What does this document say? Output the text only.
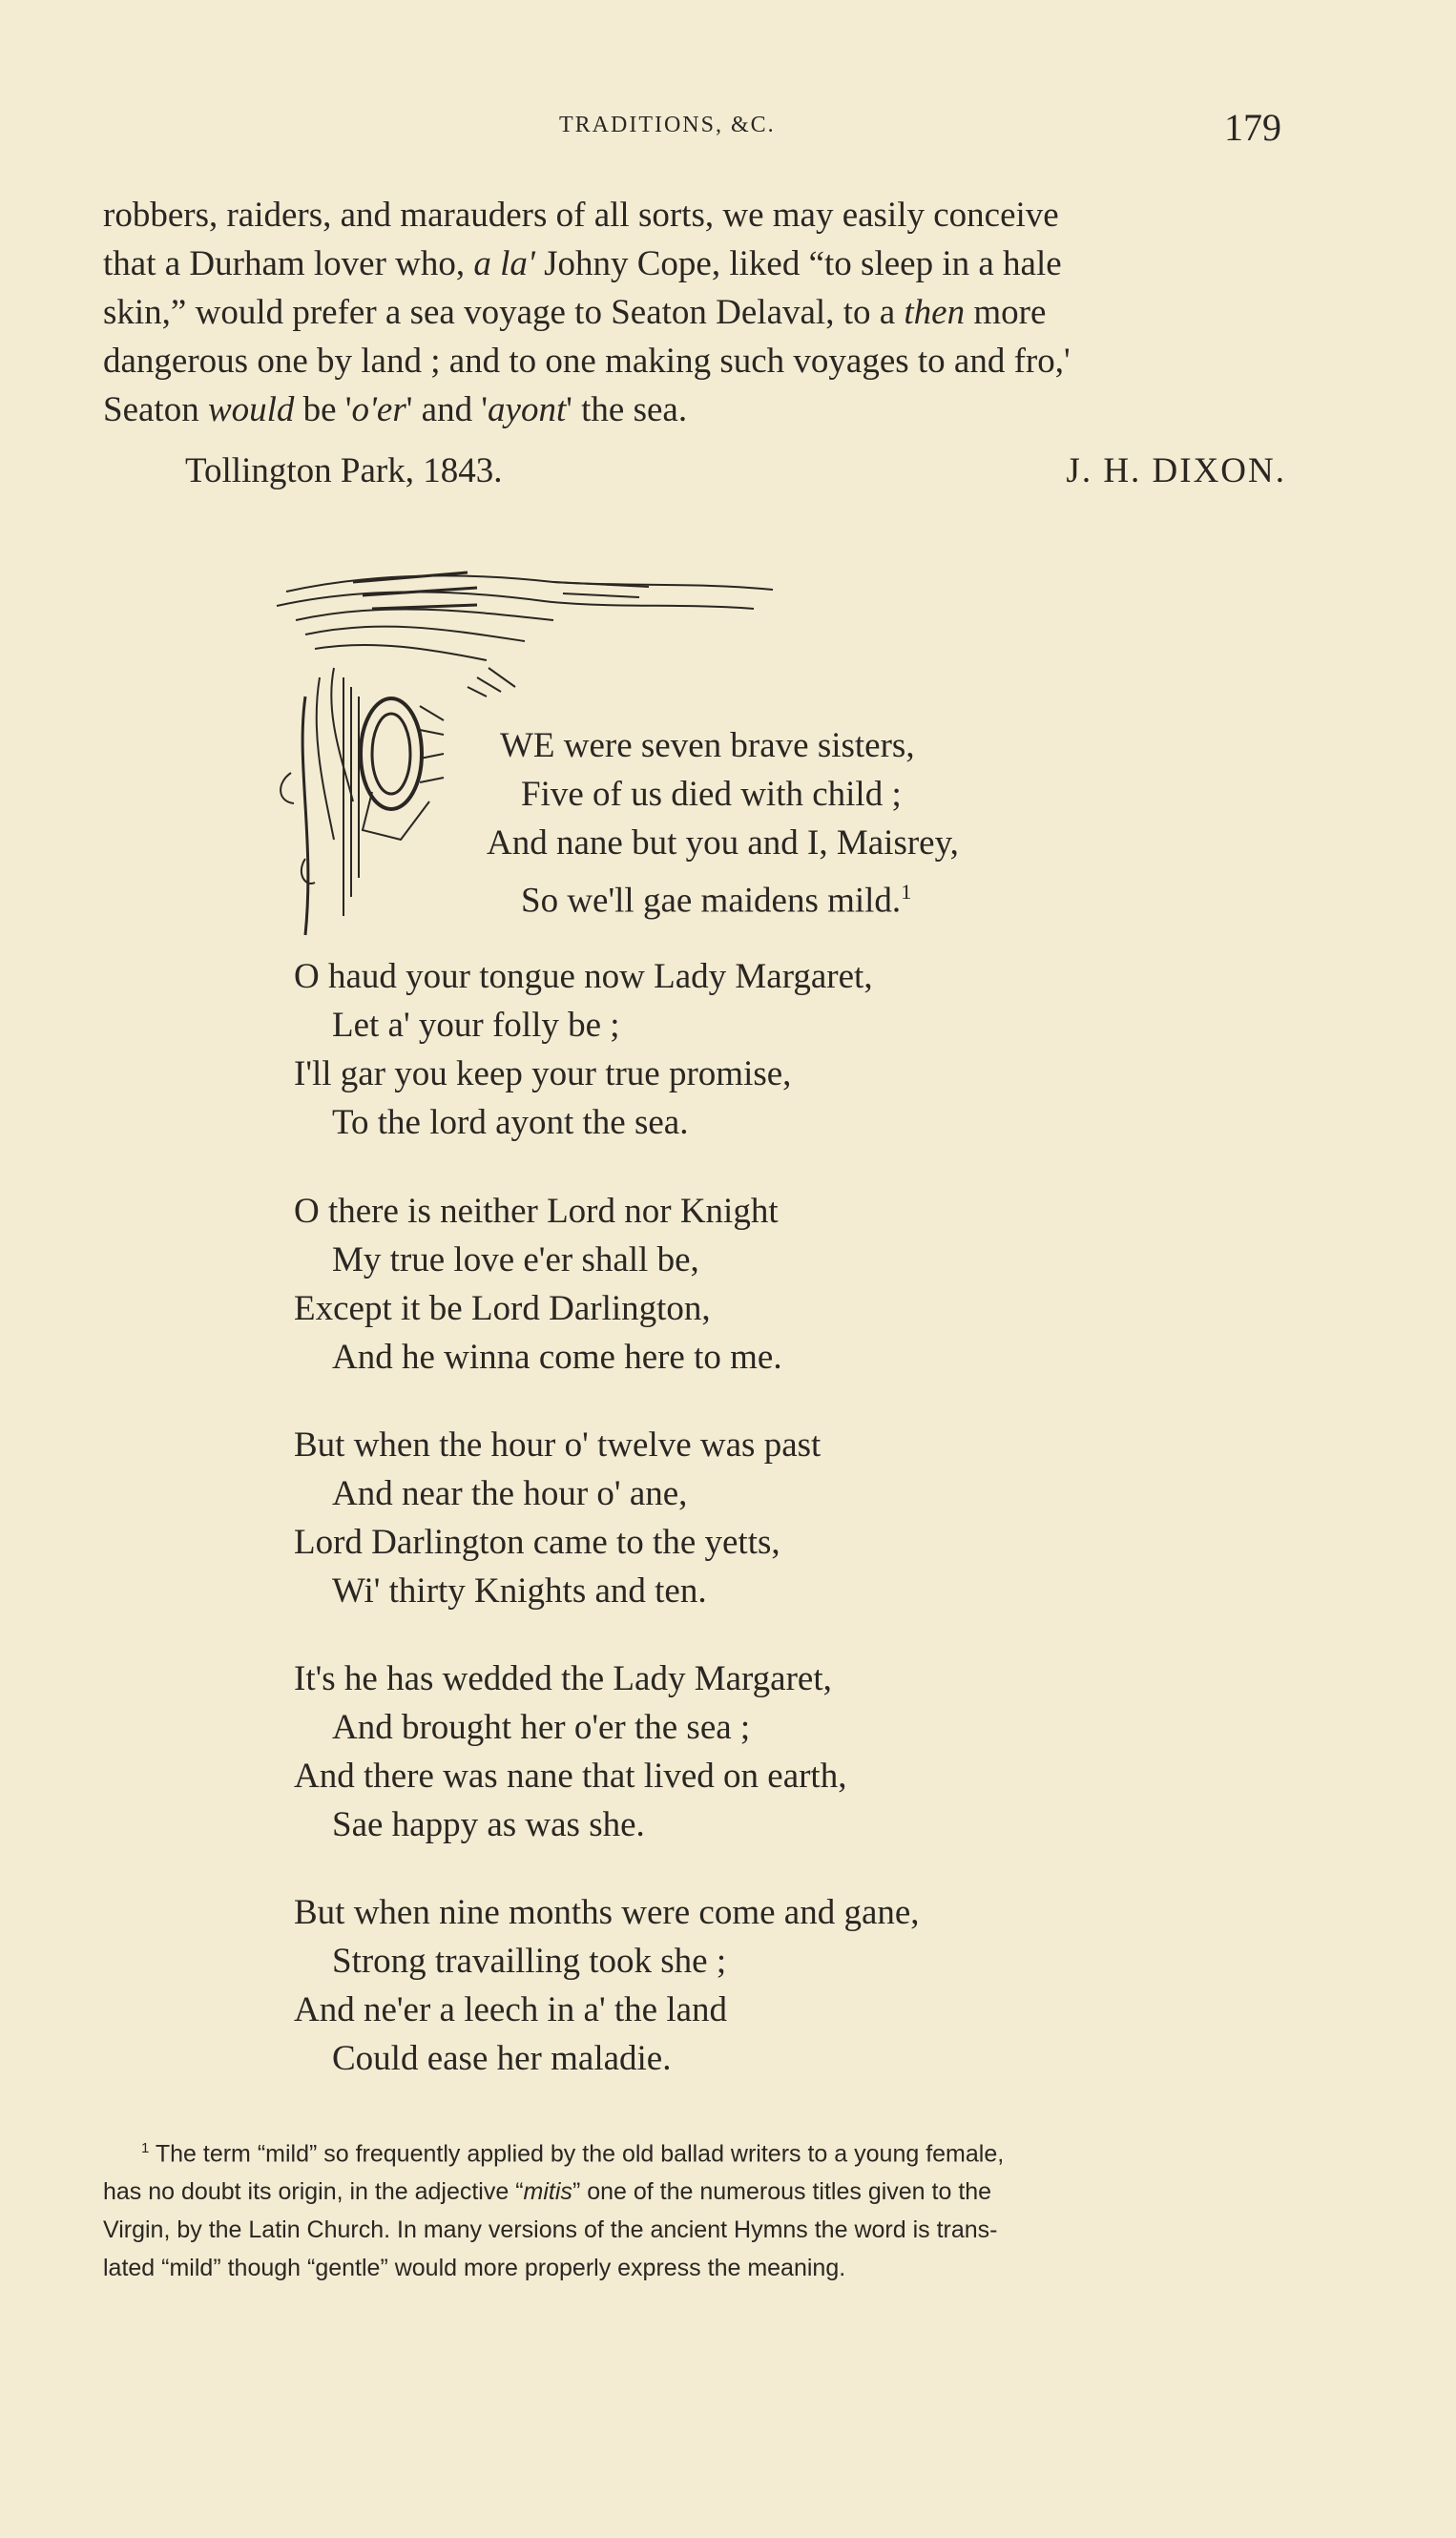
TRADITIONS, &C.	179
robbers, raiders, and marauders of all sorts, we may easily conceive
that a Durham lover who, a la' Johny Cope, liked “to sleep in a hale
skin,” would prefer a sea voyage to Seaton Delaval, to a then more
dangerous one by land ; and to one making such voyages to and fro,'
Seaton would be 'o'er' and 'ayont' the sea.
Tollington Park, 1843.	J. H. DIXON.
WE were seven brave sisters,
Five of us died with child ;
And nane but you and I, Maisrey,
So we'll gae maidens mild.$^1$
O haud your tongue now Lady Margaret,
Let a' your folly be ;
I'll gar you keep your true promise,
To the lord ayont the sea.
O there is neither Lord nor Knight
My true love e'er shall be,
Except it be Lord Darlington,
And he winna come here to me.
But when the hour o' twelve was past
And near the hour o' ane,
Lord Darlington came to the yetts,
Wi' thirty Knights and ten.
It's he has wedded the Lady Margaret,
And brought her o'er the sea ;
And there was nane that lived on earth,
Sae happy as was she.
But when nine months were come and gane,
Strong travailling took she ;
And ne'er a leech in a' the land
Could ease her maladie.
$^1$ The term “mild” so frequently applied by the old ballad writers to a young female,
has no doubt its origin, in the adjective “mitis” one of the numerous titles given to the
Virgin, by the Latin Church. In many versions of the ancient Hymns the word is trans-
lated “mild” though “gentle” would more properly express the meaning.
